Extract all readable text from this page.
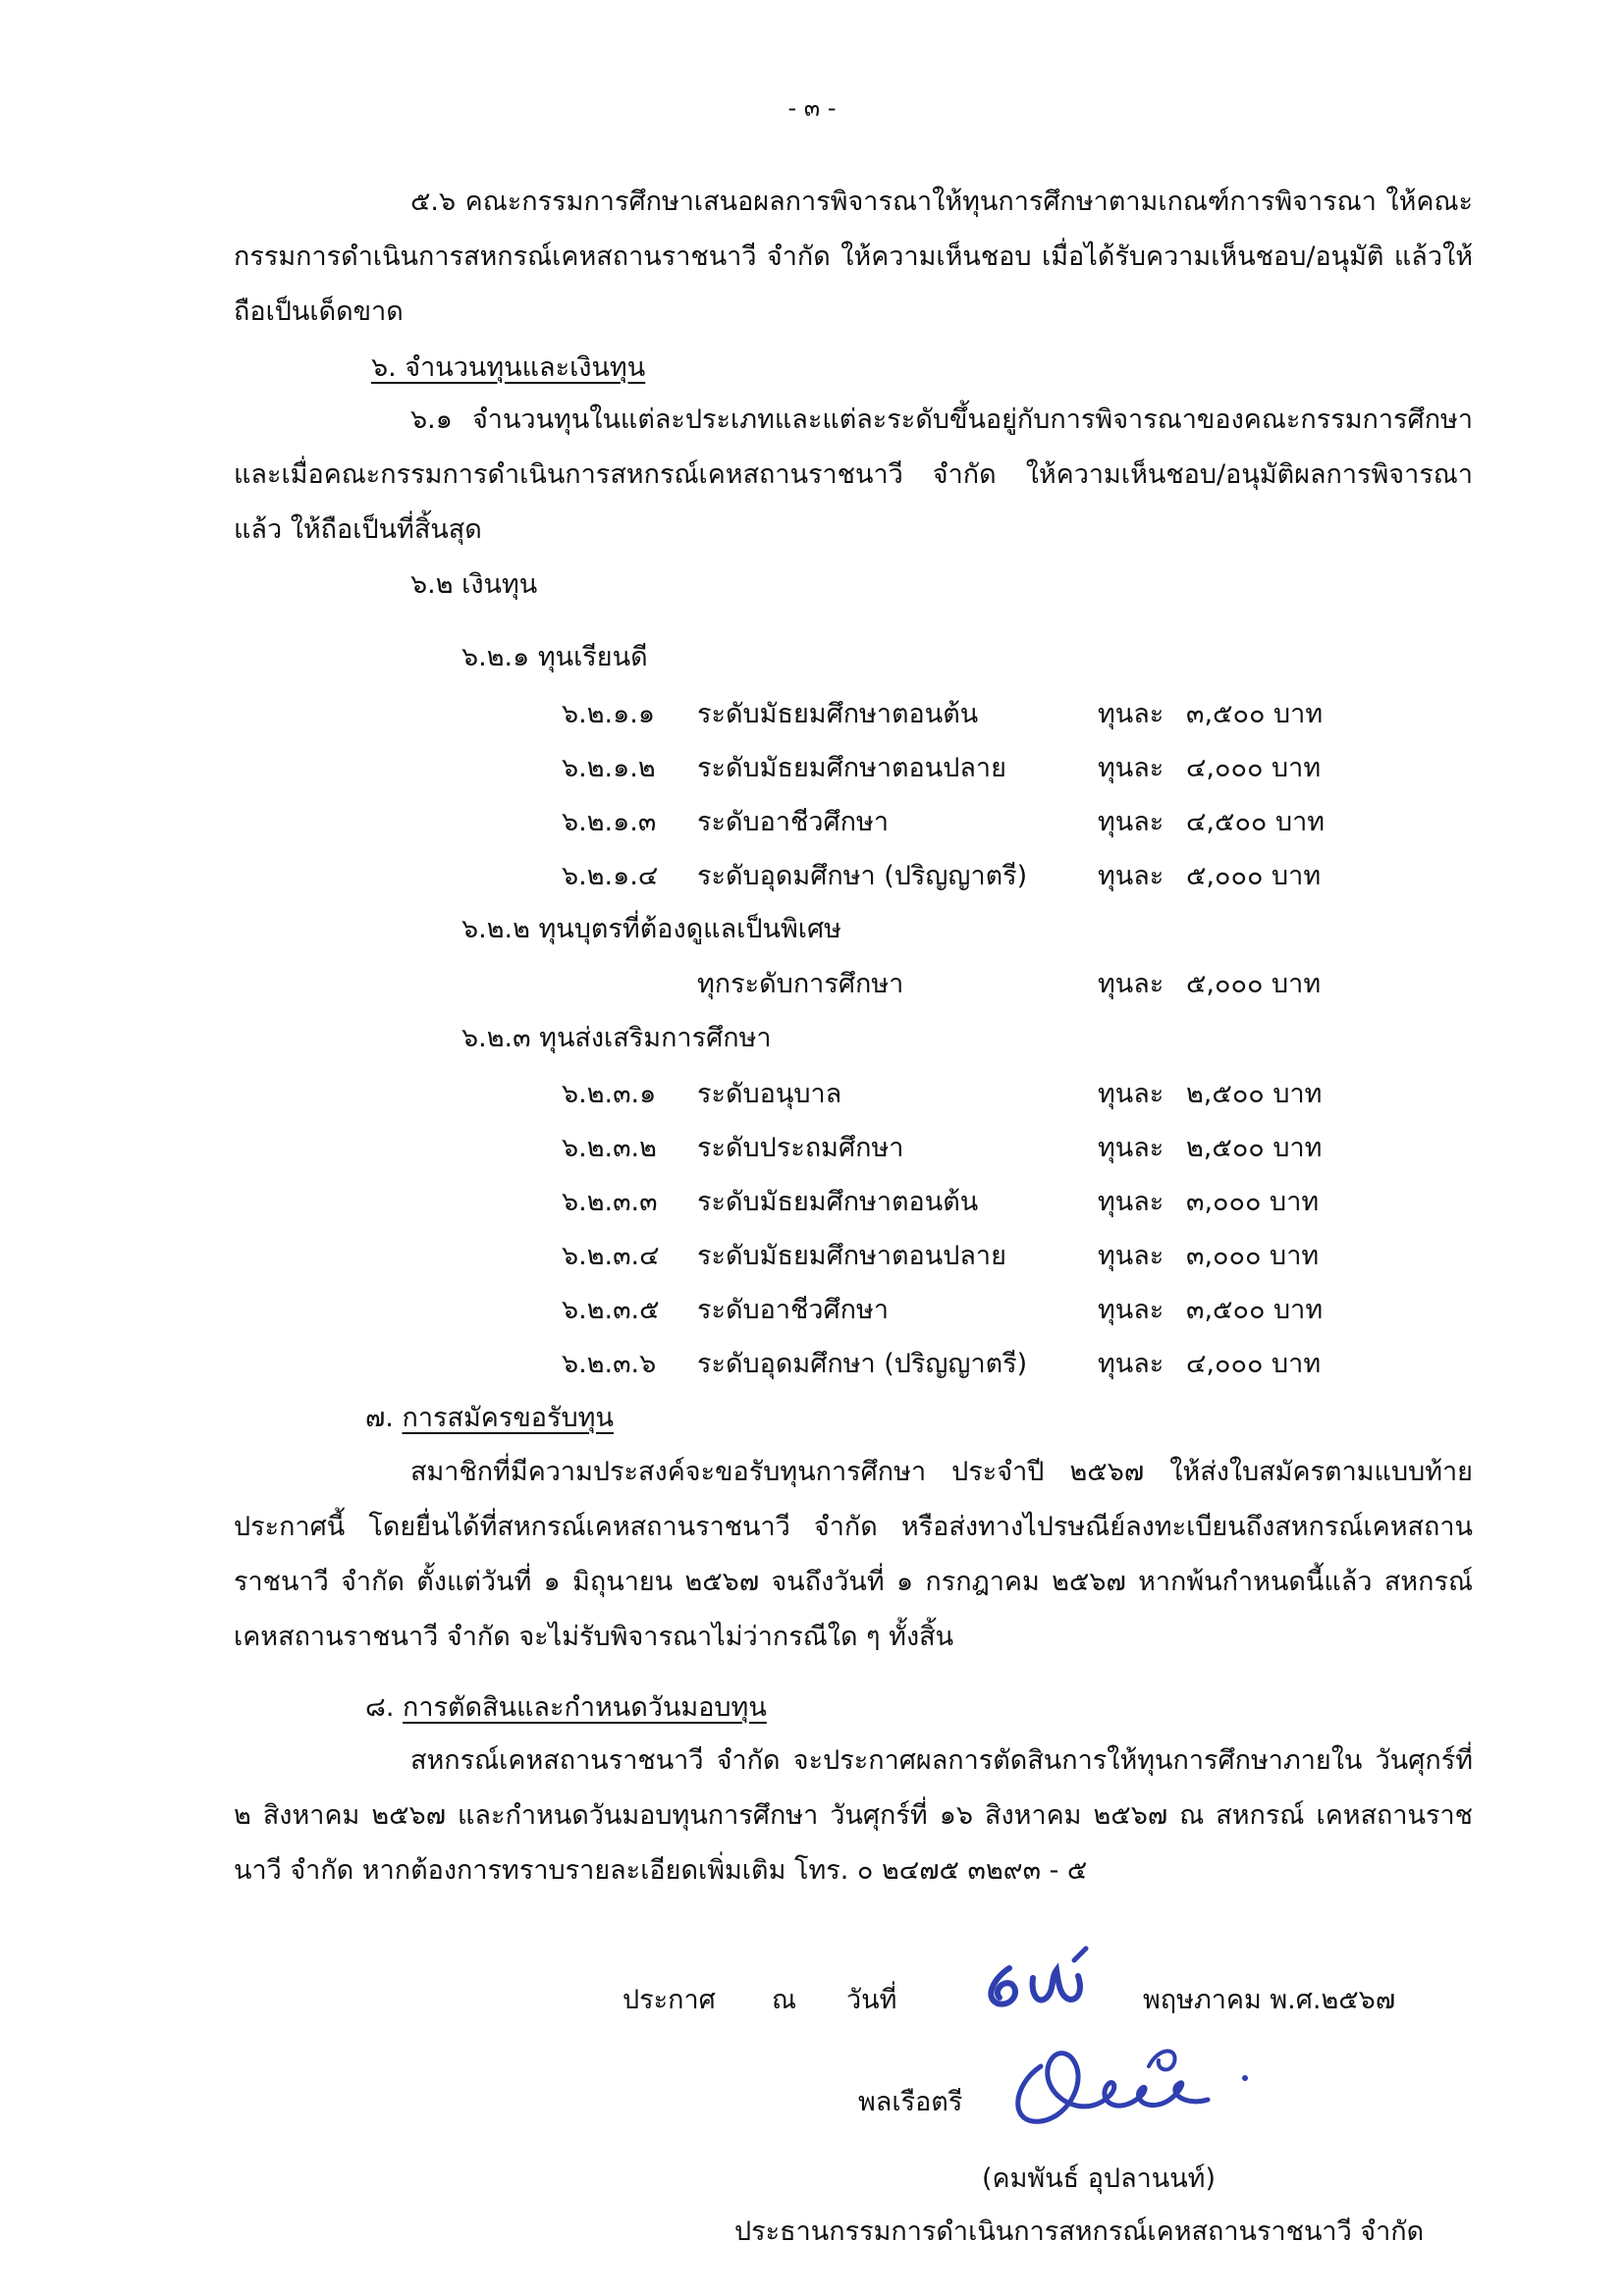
- ๓ -

๕.๖ คณะกรรมการศึกษาเสนอผลการพิจารณาให้ทุนการศึกษาตามเกณฑ์การพิจารณา ให้คณะกรรมการดำเนินการสหกรณ์เคหสถานราชนาวี จำกัด ให้ความเห็นชอบ เมื่อได้รับความเห็นชอบ/อนุมัติ แล้วให้ถือเป็นเด็ดขาด

๖. จำนวนทุนและเงินทุน

๖.๑ จำนวนทุนในแต่ละประเภทและแต่ละระดับขึ้นอยู่กับการพิจารณาของคณะกรรมการศึกษา และเมื่อคณะกรรมการดำเนินการสหกรณ์เคหสถานราชนาวี จำกัด ให้ความเห็นชอบ/อนุมัติผลการพิจารณาแล้ว ให้ถือเป็นที่สิ้นสุด

๖.๒ เงินทุน
๖.๒.๑ ทุนเรียนดี
๖.๒.๑.๑ ระดับมัธยมศึกษาตอนต้น	ทุนละ ๓,๕๐๐ บาท
๖.๒.๑.๒ ระดับมัธยมศึกษาตอนปลาย	ทุนละ ๔,๐๐๐ บาท
๖.๒.๑.๓ ระดับอาชีวศึกษา	ทุนละ ๔,๕๐๐ บาท
๖.๒.๑.๔ ระดับอุดมศึกษา (ปริญญาตรี)	ทุนละ ๕,๐๐๐ บาท
๖.๒.๒ ทุนบุตรที่ต้องดูแลเป็นพิเศษ
ทุกระดับการศึกษา	ทุนละ ๕,๐๐๐ บาท
๖.๒.๓ ทุนส่งเสริมการศึกษา
๖.๒.๓.๑ ระดับอนุบาล	ทุนละ ๒,๕๐๐ บาท
๖.๒.๓.๒ ระดับประถมศึกษา	ทุนละ ๒,๕๐๐ บาท
๖.๒.๓.๓ ระดับมัธยมศึกษาตอนต้น	ทุนละ ๓,๐๐๐ บาท
๖.๒.๓.๔ ระดับมัธยมศึกษาตอนปลาย	ทุนละ ๓,๐๐๐ บาท
๖.๒.๓.๕ ระดับอาชีวศึกษา	ทุนละ ๓,๕๐๐ บาท
๖.๒.๓.๖ ระดับอุดมศึกษา (ปริญญาตรี)	ทุนละ ๔,๐๐๐ บาท
๗. การสมัครขอรับทุน

สมาชิกที่มีความประสงค์จะขอรับทุนการศึกษา ประจำปี ๒๕๖๗ ให้ส่งใบสมัครตามแบบท้าย ประกาศนี้ โดยยื่นได้ที่สหกรณ์เคหสถานราชนาวี จำกัด หรือส่งทางไปรษณีย์ลงทะเบียนถึงสหกรณ์เคหสถาน ราชนาวี จำกัด ตั้งแต่วันที่ ๑ มิถุนายน ๒๕๖๗ จนถึงวันที่ ๑ กรกฎาคม ๒๕๖๗ หากพ้นกำหนดนี้แล้ว สหกรณ์ เคหสถานราชนาวี จำกัด จะไม่รับพิจารณาไม่ว่ากรณีใด ๆ ทั้งสิ้น

๘. การตัดสินและกำหนดวันมอบทุน

สหกรณ์เคหสถานราชนาวี จำกัด จะประกาศผลการตัดสินการให้ทุนการศึกษาภายใน วันศุกร์ที่ ๒ สิงหาคม ๒๕๖๗ และกำหนดวันมอบทุนการศึกษา วันศุกร์ที่ ๑๖ สิงหาคม ๒๕๖๗ ณ สหกรณ์ เคหสถานราชนาวี จำกัด หากต้องการทราบรายละเอียดเพิ่มเติม โทร. ๐ ๒๔๗๕ ๓๒๙๓ - ๕

ประกาศ ณ วันที่	พฤษภาคม พ.ศ.๒๕๖๗
พลเรือตรี
(คมพันธ์ อุปลานนท์)
ประธานกรรมการดำเนินการสหกรณ์เคหสถานราชนาวี จำกัด
